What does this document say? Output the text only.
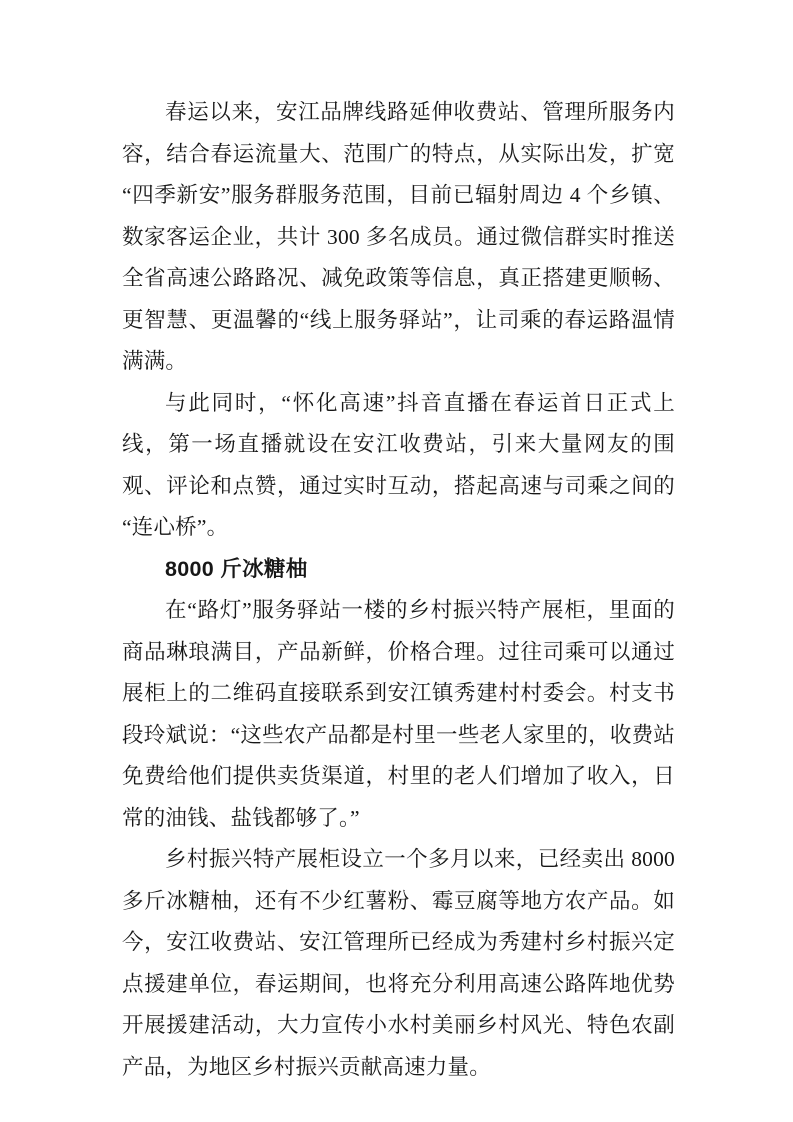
春运以来，安江品牌线路延伸收费站、管理所服务内容，结合春运流量大、范围广的特点，从实际出发，扩宽“四季新安”服务群服务范围，目前已辐射周边 4 个乡镇、数家客运企业，共计 300 多名成员。通过微信群实时推送全省高速公路路况、减免政策等信息，真正搭建更顺畅、更智慧、更温馨的“线上服务驿站”，让司乘的春运路温情满满。

与此同时，“怀化高速”抖音直播在春运首日正式上线，第一场直播就设在安江收费站，引来大量网友的围观、评论和点赞，通过实时互动，搭起高速与司乘之间的“连心桥”。

8000 斤冰糖柚

在“路灯”服务驿站一楼的乡村振兴特产展柜，里面的商品琳琅满目，产品新鲜，价格合理。过往司乘可以通过展柜上的二维码直接联系到安江镇秀建村村委会。村支书段玲斌说：“这些农产品都是村里一些老人家里的，收费站免费给他们提供卖货渠道，村里的老人们增加了收入，日常的油钱、盐钱都够了。”

乡村振兴特产展柜设立一个多月以来，已经卖出 8000 多斤冰糖柚，还有不少红薯粉、霉豆腐等地方农产品。如今，安江收费站、安江管理所已经成为秀建村乡村振兴定点援建单位，春运期间，也将充分利用高速公路阵地优势开展援建活动，大力宣传小水村美丽乡村风光、特色农副产品，为地区乡村振兴贡献高速力量。
